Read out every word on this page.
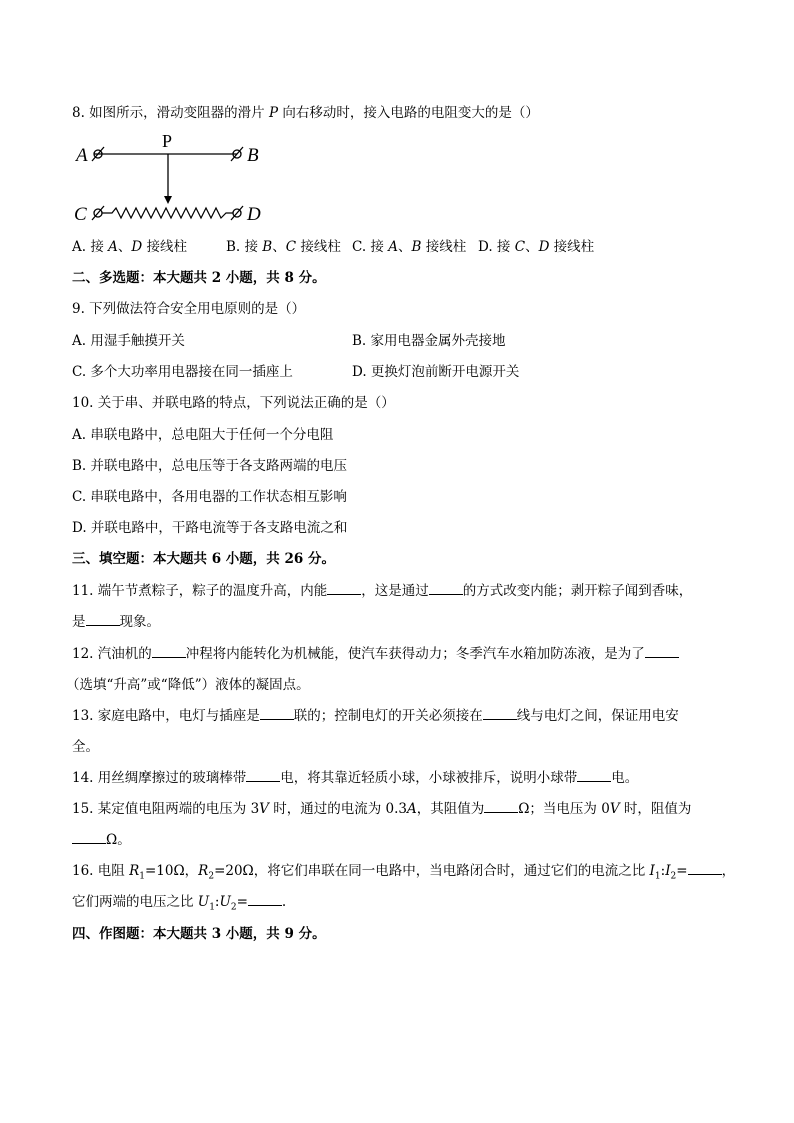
8. 如图所示，滑动变阻器的滑片 P 向右移动时，接入电路的电阻变大的是（）
P
A	B
C	D
A. 接 A、D 接线柱	B. 接 B、C 接线柱 C. 接 A、B 接线柱 D. 接 C、D 接线柱
二、多选题：本大题共 2 小题，共 8 分。
9. 下列做法符合安全用电原则的是（）
A. 用湿手触摸开关	B. 家用电器金属外壳接地
C. 多个大功率用电器接在同一插座上	D. 更换灯泡前断开电源开关
10. 关于串、并联电路的特点，下列说法正确的是（）
A. 串联电路中，总电阻大于任何一个分电阻
B. 并联电路中，总电压等于各支路两端的电压
C. 串联电路中，各用电器的工作状态相互影响
D. 并联电路中，干路电流等于各支路电流之和
三、填空题：本大题共 6 小题，共 26 分。
11. 端午节煮粽子，粽子的温度升高，内能	，这是通过	的方式改变内能；剥开粽子闻到香味，
是	现象。
12. 汽油机的	冲程将内能转化为机械能，使汽车获得动力；冬季汽车水箱加防冻液，是为了
（选填“升高”或“降低”）液体的凝固点。
13. 家庭电路中，电灯与插座是	联的；控制电灯的开关必须接在	线与电灯之间，保证用电安
全。
14. 用丝绸摩擦过的玻璃棒带	电，将其靠近轻质小球，小球被排斥，说明小球带	电。
15. 某定值电阻两端的电压为 3V 时，通过的电流为 0.3A，其阻值为	Ω；当电压为 0V 时，阻值为
Ω。
16. 电阻 $R_1=10\Omega$，$R_2=20\Omega$，将它们串联在同一电路中，当电路闭合时，通过它们的电流之比 $I_1:I_2=$	，
它们两端的电压之比 $U_1:U_2=$	.
四、作图题：本大题共 3 小题，共 9 分。
